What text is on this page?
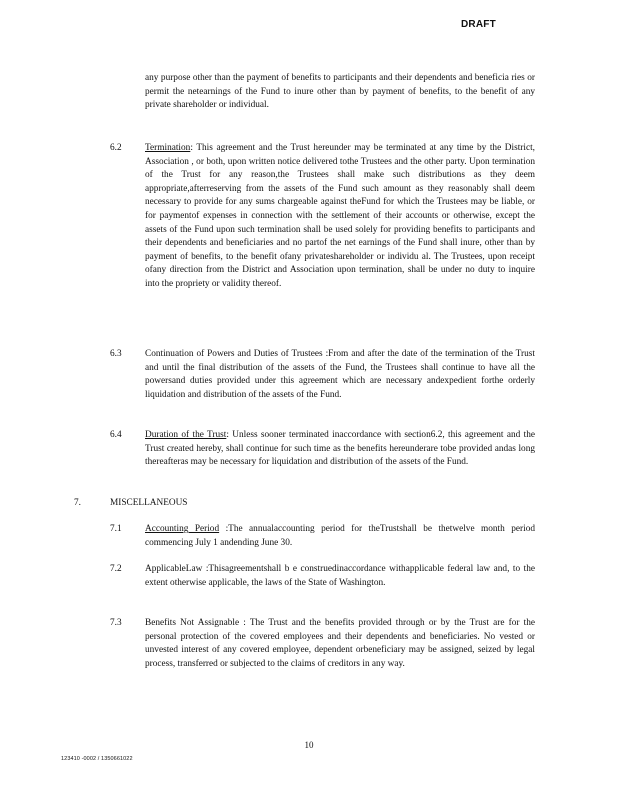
DRAFT
any purpose other than the payment of benefits to participants and their dependents and beneficia ries or permit the netearnings of the Fund to inure other than by payment of benefits, to the benefit of any private shareholder or individual.
6.2	Termination: This agreement and the Trust hereunder may be terminated at any time by the District, Association , or both, upon written notice delivered tothe Trustees and the other party. Upon termination of the Trust for any reason,the Trustees shall make such distributions as they deem appropriate,afterreserving from the assets of the Fund such amount as they reasonably shall deem necessary to provide for any sums chargeable against theFund for which the Trustees may be liable, or for paymentof expenses in connection with the settlement of their accounts or otherwise, except the assets of the Fund upon such termination shall be used solely for providing benefits to participants and their dependents and beneficiaries and no partof the net earnings of the Fund shall inure, other than by payment of benefits, to the benefit ofany privateshareholder or individu al. The Trustees, upon receipt ofany direction from the District and Association upon termination, shall be under no duty to inquire into the propriety or validity thereof.
6.3	Continuation of Powers and Duties of Trustees :From and after the date of the termination of the Trust and until the final distribution of the assets of the Fund, the Trustees shall continue to have all the powersand duties provided under this agreement which are necessary andexpedient forthe orderly liquidation and distribution of the assets of the Fund.
6.4	Duration of the Trust: Unless sooner terminated inaccordance with section6.2, this agreement and the Trust created hereby, shall continue for such time as the benefits hereunderare tobe provided andas long thereafteras may be necessary for liquidation and distribution of the assets of the Fund.
7.	MISCELLANEOUS
7.1	Accounting Period :The annualaccounting period for theTrustshall be thetwelve month period commencing July 1 andending June 30.
7.2	ApplicableLaw :Thisagreementshall b e construedinaccordance withapplicable federal law and, to the extent otherwise applicable, the laws of the State of Washington.
7.3	Benefits Not Assignable : The Trust and the benefits provided through or by the Trust are for the personal protection of the covered employees and their dependents and beneficiaries. No vested or unvested interest of any covered employee, dependent orbeneficiary may be assigned, seized by legal process, transferred or subjected to the claims of creditors in any way.
10
123410 -0002 / 1350661022
